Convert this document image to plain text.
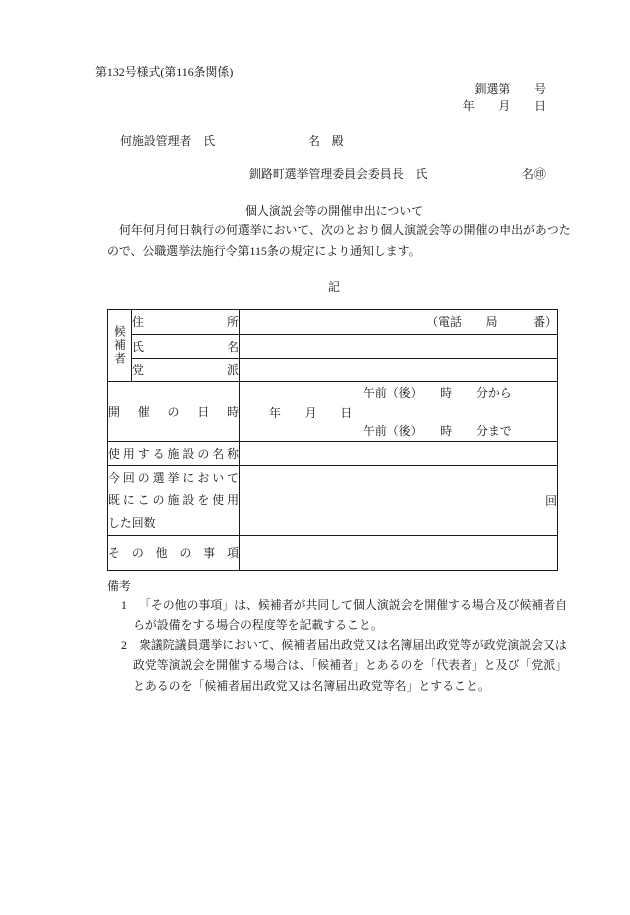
第132号様式(第116条関係)
釧選第　　号
年　　月　　日
何施設管理者　氏	名　殿
釧路町選挙管理委員会委員長　氏	名㊞
個人演説会等の開催申出について
何年何月何日執行の何選挙において、次のとおり個人演説会等の開催の申出があつた
ので、公職選挙法施行令第115条の規定により通知します。
記
候補者	住所	（電話　　局　　　番）

	氏名	

	党派	

開催の日時		午前（後）　　時　　分から
年　　月　　日
午前（後）　　時　　分まで

使用する施設の名称		

今回の選挙において
既にこの施設を使用
した回数		回

その他の事項		

備考
1 「その他の事項」は、候補者が共同して個人演説会を開催する場合及び候補者自
らが設備をする場合の程度等を記載すること。
2 衆議院議員選挙において、候補者届出政党又は名簿届出政党等が政党演説会又は
政党等演説会を開催する場合は、「候補者」とあるのを「代表者」と及び「党派」
とあるのを「候補者届出政党又は名簿届出政党等名」とすること。
